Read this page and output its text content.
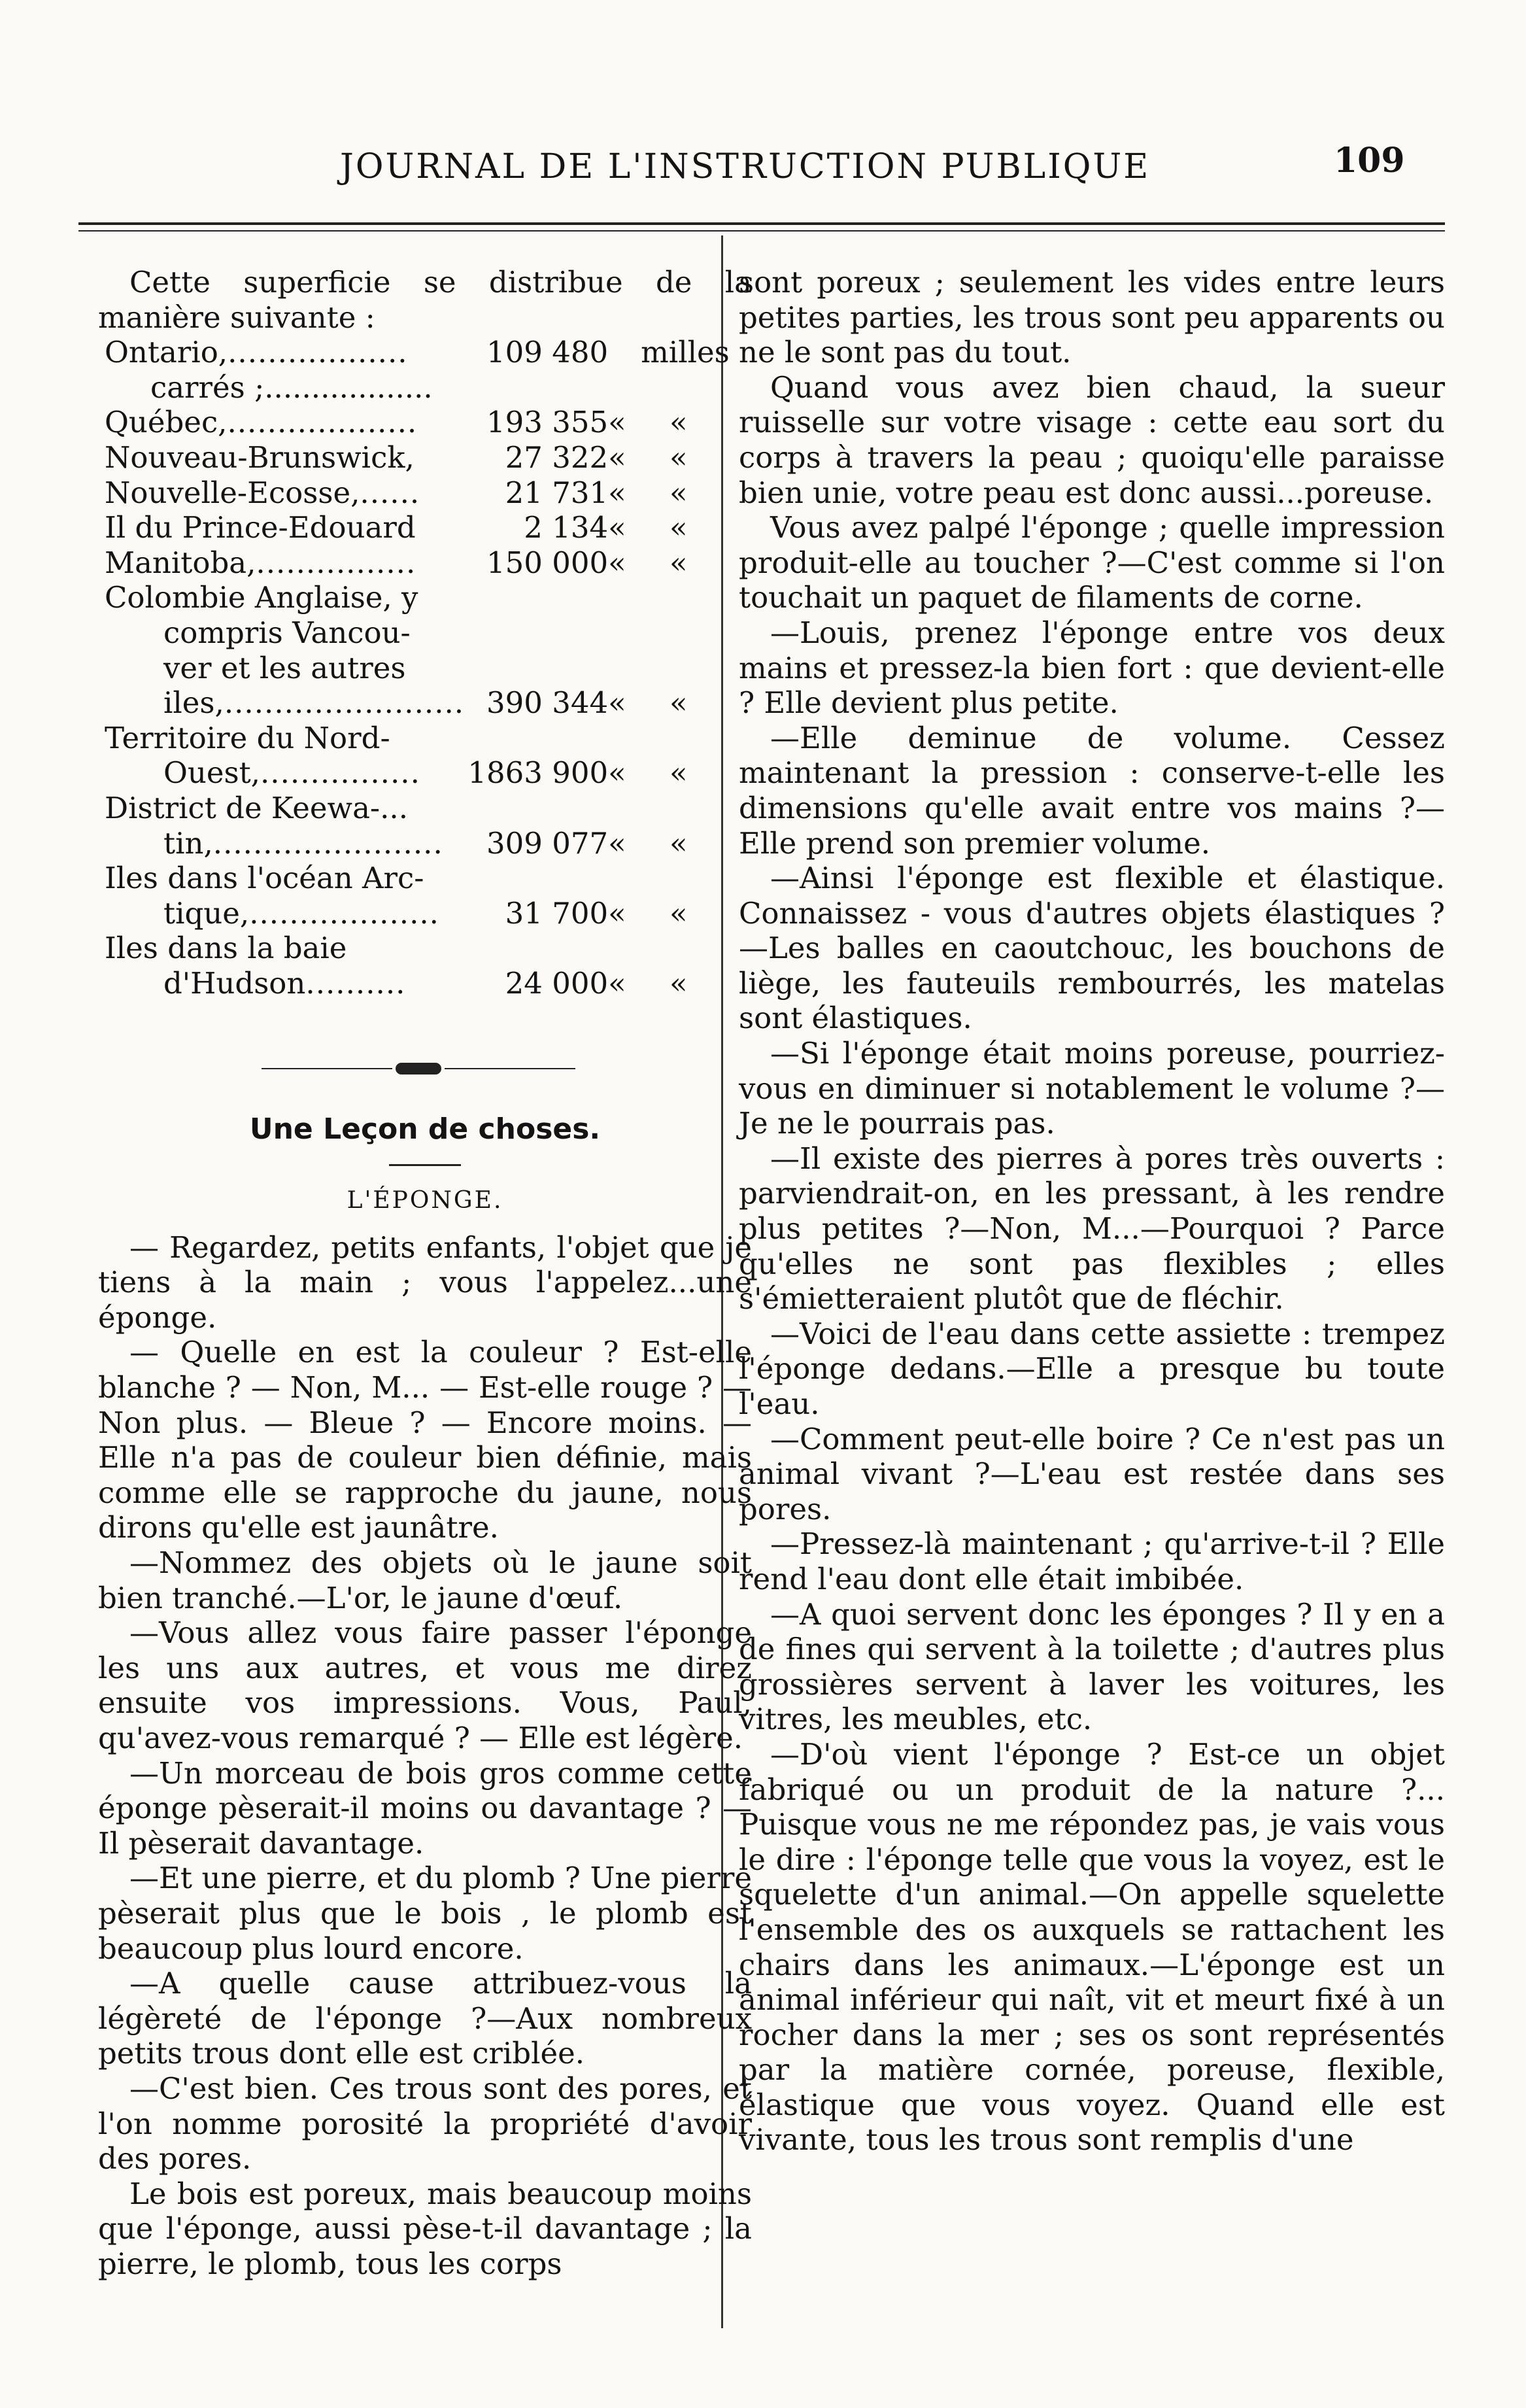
JOURNAL DE L'INSTRUCTION PUBLIQUE	109

Cette superficie se distribue de la manière suivante :

Ontario,..................	109 480	milles
carrés ;..................		
Québec,...................	193 355	« «
Nouveau-Brunswick,	27 322	« «
Nouvelle-Ecosse,......	21 731	« «
Il du Prince-Edouard	2 134	« «
Manitoba,................	150 000	« «
Colombie Anglaise, y		
compris Vancou-		
ver et les autres		
iles,........................	390 344	« «
Territoire du Nord-		
Ouest,................	1863 900	« «
District de Keewa-...		
tin,.......................	309 077	« «
Iles dans l'océan Arc-		
tique,...................	31 700	« «
Iles dans la baie		
d'Hudson..........	24 000	« «
Une Leçon de choses.
L'ÉPONGE.

— Regardez, petits enfants, l'objet que je tiens à la main ; vous l'appelez...une éponge.

— Quelle en est la couleur ? Est-elle blanche ? — Non, M... — Est-elle rouge ? — Non plus. — Bleue ? — Encore moins. — Elle n'a pas de couleur bien définie, mais comme elle se rapproche du jaune, nous dirons qu'elle est jaunâtre.

—Nommez des objets où le jaune soit bien tranché.—L'or, le jaune d'œuf.

—Vous allez vous faire passer l'éponge les uns aux autres, et vous me direz ensuite vos impressions. Vous, Paul, qu'avez-vous remarqué ? — Elle est légère.

—Un morceau de bois gros comme cette éponge pèserait-il moins ou davantage ? — Il pèserait davantage.

—Et une pierre, et du plomb ? Une pierre pèserait plus que le bois , le plomb est beaucoup plus lourd encore.

—A quelle cause attribuez-vous la légèreté de l'éponge ?—Aux nombreux petits trous dont elle est criblée.

—C'est bien. Ces trous sont des pores, et l'on nomme porosité la propriété d'avoir des pores.

Le bois est poreux, mais beaucoup moins que l'éponge, aussi pèse-t-il davantage ; la pierre, le plomb, tous les corps

sont poreux ; seulement les vides entre leurs petites parties, les trous sont peu apparents ou ne le sont pas du tout.

Quand vous avez bien chaud, la sueur ruisselle sur votre visage : cette eau sort du corps à travers la peau ; quoiqu'elle paraisse bien unie, votre peau est donc aussi...poreuse.

Vous avez palpé l'éponge ; quelle impression produit-elle au toucher ?—C'est comme si l'on touchait un paquet de filaments de corne.

—Louis, prenez l'éponge entre vos deux mains et pressez-la bien fort : que devient-elle ? Elle devient plus petite.

—Elle deminue de volume. Cessez maintenant la pression : conserve-t-elle les dimensions qu'elle avait entre vos mains ?—Elle prend son premier volume.

—Ainsi l'éponge est flexible et élastique. Connaissez - vous d'autres objets élastiques ?—Les balles en caoutchouc, les bouchons de liège, les fauteuils rembourrés, les matelas sont élastiques.

—Si l'éponge était moins poreuse, pourriez-vous en diminuer si notablement le volume ?—Je ne le pourrais pas.

—Il existe des pierres à pores très ouverts : parviendrait-on, en les pressant, à les rendre plus petites ?—Non, M...—Pourquoi ? Parce qu'elles ne sont pas flexibles ; elles s'émietteraient plutôt que de fléchir.

—Voici de l'eau dans cette assiette : trempez l'éponge dedans.—Elle a presque bu toute l'eau.

—Comment peut-elle boire ? Ce n'est pas un animal vivant ?—L'eau est restée dans ses pores.

—Pressez-là maintenant ; qu'arrive-t-il ? Elle rend l'eau dont elle était imbibée.

—A quoi servent donc les éponges ? Il y en a de fines qui servent à la toilette ; d'autres plus grossières servent à laver les voitures, les vitres, les meubles, etc.

—D'où vient l'éponge ? Est-ce un objet fabriqué ou un produit de la nature ?... Puisque vous ne me répondez pas, je vais vous le dire : l'éponge telle que vous la voyez, est le squelette d'un animal.—On appelle squelette l'ensemble des os auxquels se rattachent les chairs dans les animaux.—L'éponge est un animal inférieur qui naît, vit et meurt fixé à un rocher dans la mer ; ses os sont représentés par la matière cornée, poreuse, flexible, élastique que vous voyez. Quand elle est vivante, tous les trous sont remplis d'une
